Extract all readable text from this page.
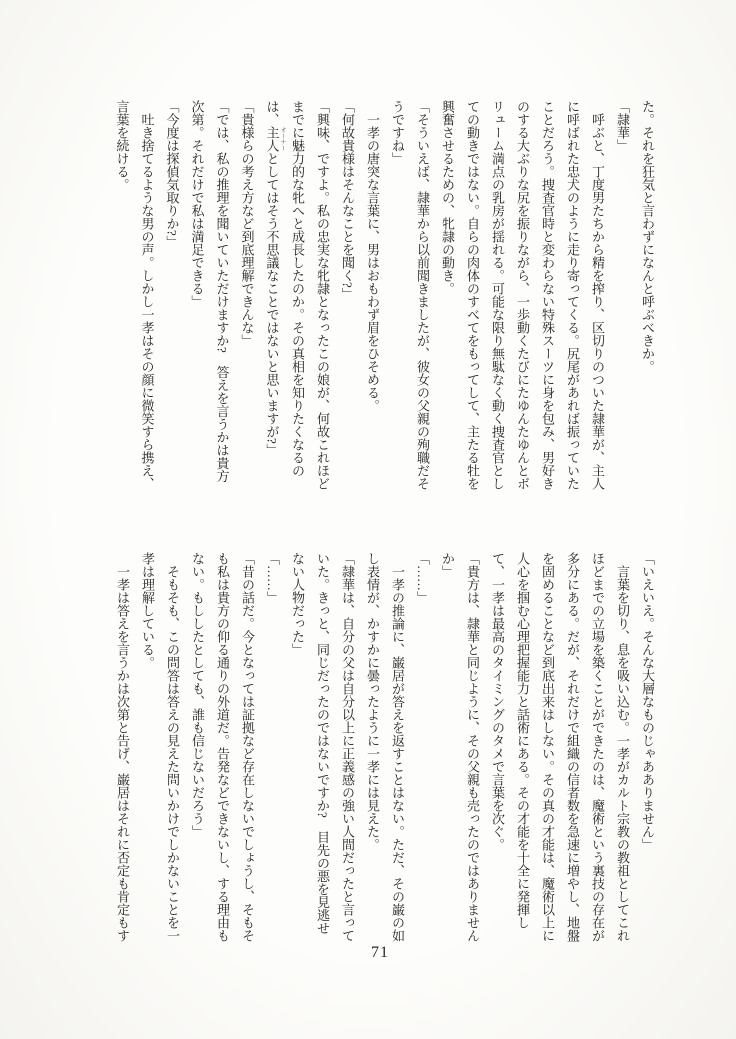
た。それを狂気と言わずになんと呼ぶべきか。
「隷華」
　呼ぶと、丁度男たちから精を搾り、区切りのついた隷華が、主人
に呼ばれた忠犬のように走り寄ってくる。尻尾があれば振っていた
ことだろう。捜査官時と変わらない特殊スーツに身を包み、男好き
のする大ぶりな尻を振りながら、一歩動くたびにたゆんたゆんとボ
リューム満点の乳房が揺れる。可能な限り無駄なく動く捜査官とし
ての動きではない。自らの肉体のすべてをもってして、主たる牡を
興奮させるための、牝隷の動き。
「そういえば、隷華から以前聞きましたが、彼女の父親の殉職だそ
うですね」
　一孝の唐突な言葉に、男はおもわず眉をひそめる。
「何故貴様はそんなことを聞く?」
「興味、ですよ。私の忠実な牝隷となったこの娘が、何故これほど
までに魅力的な牝へと成長したのか。その真相を知りたくなるの
は、主人 オーナーとしてはそう不思議なことではないと思いますが?」
「貴様らの考え方など到底理解できんな」
「では、私の推理を聞いていただけますか?　答えを言うかは貴方
次第。それだけで私は満足できる」
「今度は探偵気取りか?」
　吐き捨てるような男の声。しかし一孝はその顔に微笑すら携え、
言葉を続ける。
「いえいえ。そんな大層なものじゃあありません」
　言葉を切り、息を吸い込む。一孝がカルト宗教の教祖としてこれ
ほどまでの立場を築くことができたのは、魔術という裏技の存在が
多分にある。だが、それだけで組織の信者数を急速に増やし、地盤
を固めることなど到底出来はしない。その真の才能は、魔術以上に
人心を掴む心理把握能力と話術にある。その才能を十全に発揮し
て、一孝は最高のタイミングのタメで言葉を次ぐ。
「貴方は、隷華と同じように、その父親も売ったのではありません
か」
「……」
　一孝の推論に、巌居が答えを返すことはない。ただ、その巌の如
し表情が、かすかに曇ったように一孝には見えた。
「隷華は、自分の父は自分以上に正義感の強い人間だったと言って
いた。きっと、同じだったのではないですか?　目先の悪を見逃せ
ない人物だった」
「……」
「昔の話だ。今となっては証拠など存在しないでしょうし、そもそ
も私は貴方の仰る通りの外道だ。告発などできないし、する理由も
ない。もししたとしても、誰も信じないだろう」
　そもそも、この問答は答えの見えた問いかけでしかないことを一
孝は理解している。
　一孝は答えを言うかは次第と告げ、巌居はそれに否定も肯定もす
71
